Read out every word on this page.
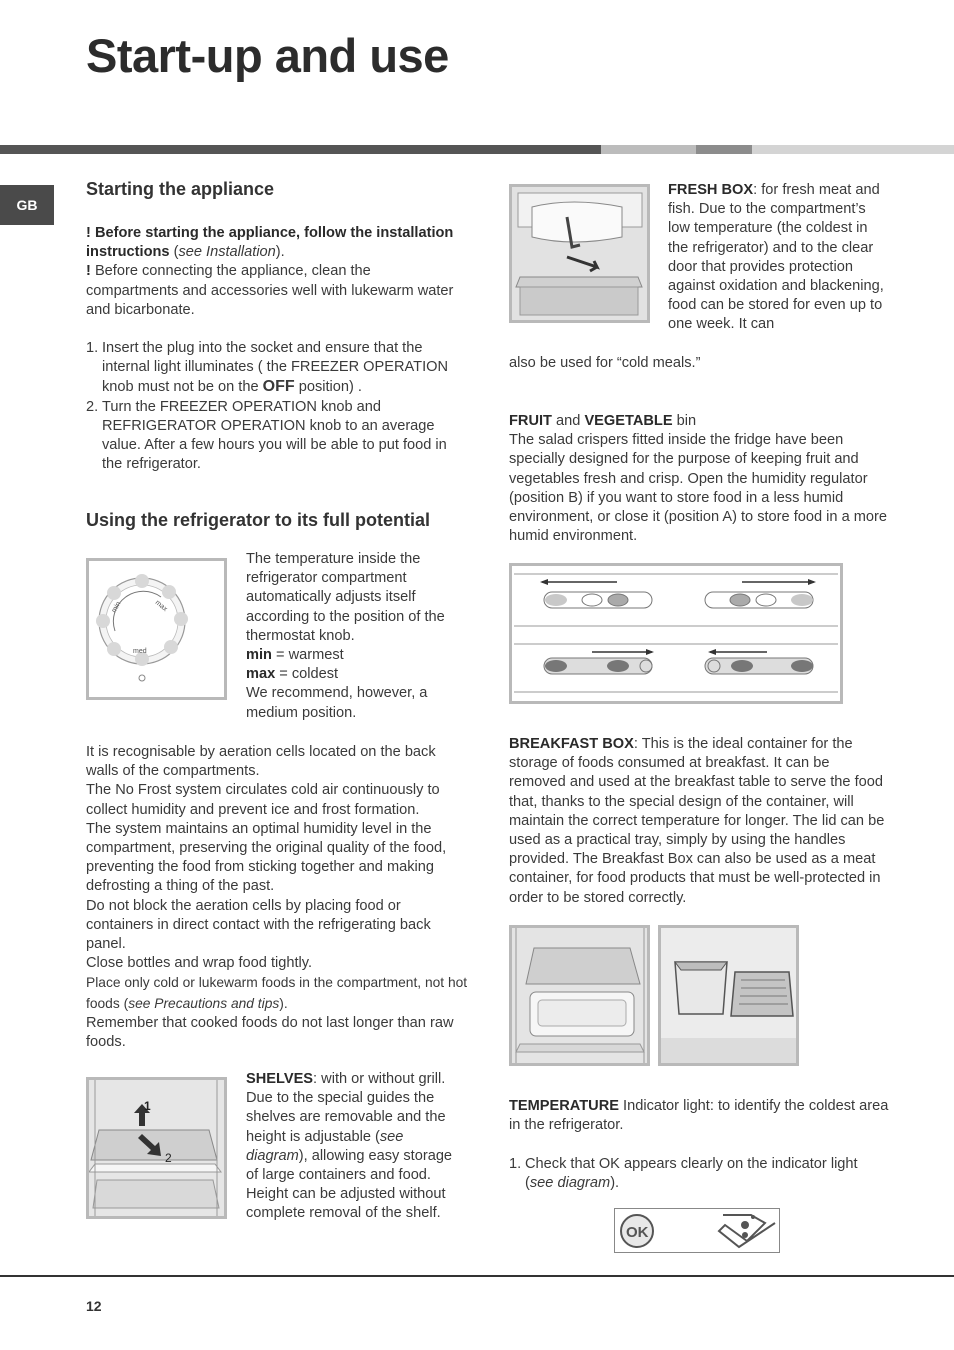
Start-up and use
GB
Starting the appliance

! Before starting the appliance, follow the installation instructions (see Installation).
! Before connecting the appliance, clean the compartments and accessories well with lukewarm water and bicarbonate.

1. Insert the plug into the socket and ensure that the internal light illuminates ( the FREEZER OPERATION knob must not be on the OFF position) .
2. Turn the FREEZER OPERATION knob and REFRIGERATOR OPERATION knob to an average value. After a few hours you will be able to put food in the refrigerator.
Using the refrigerator to its full potential
min
med
max

The temperature inside the refrigerator compartment automatically adjusts itself according to the position of the thermostat knob.
min = warmest
max = coldest
We recommend, however, a medium position.

It is recognisable by aeration cells located on the back walls of the compartments.
The No Frost system circulates cold air continuously to collect humidity and prevent ice and frost formation.
The system maintains an optimal humidity level in the compartment, preserving the original quality of the food, preventing the food from sticking together and making defrosting a thing of the past.
Do not block the aeration cells by placing food or containers in direct contact with the refrigerating back panel.
Close bottles and wrap food tightly.
Place only cold or lukewarm foods in the compartment, not hot foods (see Precautions and tips).
Remember that cooked foods do not last longer than raw foods.

1
2

SHELVES: with or without grill. Due to the special guides the shelves are removable and the height is adjustable (see diagram), allowing easy storage of large containers and food. Height can be adjusted without complete removal of the shelf.

FRESH BOX: for fresh meat and fish. Due to the compartment’s low temperature (the coldest in the refrigerator) and to the clear door that provides protection against oxidation and blackening, food can be stored for even up to one week. It can

also be used for “cold meals.”

FRUIT and VEGETABLE bin
The salad crispers fitted inside the fridge have been specially designed for the purpose of keeping fruit and vegetables fresh and crisp. Open the humidity regulator (position B) if you want to store food in a less humid environment, or close it (position A) to store food in a more humid environment.

BREAKFAST BOX: This is the ideal container for the storage of foods consumed at breakfast. It can be removed and used at the breakfast table to serve the food that, thanks to the special design of the container, will maintain the correct temperature for longer. The lid can be used as a practical tray, simply by using the handles provided. The Breakfast Box can also be used as a meat container, for food products that must be well-protected in order to be stored correctly.

TEMPERATURE Indicator light: to identify the coldest area in the refrigerator.

1. Check that OK appears clearly on the indicator light (see diagram).
OK
12
